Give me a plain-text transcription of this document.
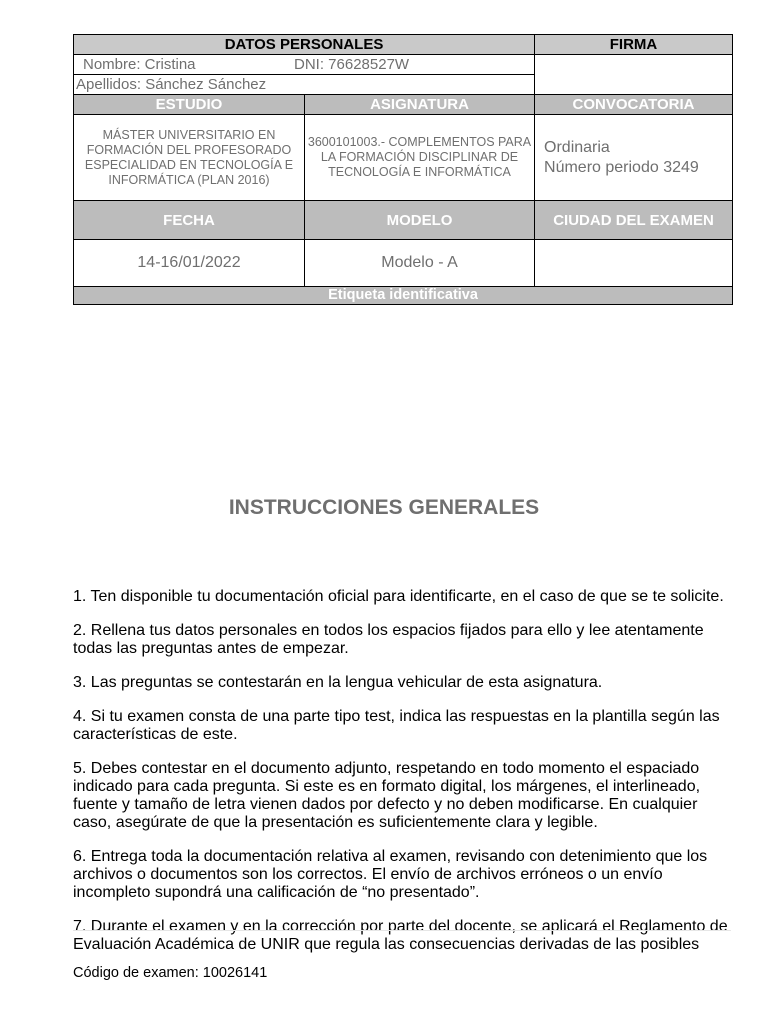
DATOS PERSONALES		FIRMA
Nombre: Cristina DNI: 76628527W		
Apellidos: Sánchez Sánchez		
ESTUDIO	ASIGNATURA	CONVOCATORIA
MÁSTER UNIVERSITARIO EN FORMACIÓN DEL PROFESORADO ESPECIALIDAD EN TECNOLOGÍA E INFORMÁTICA (PLAN 2016)	3600101003.- COMPLEMENTOS PARA LA FORMACIÓN DISCIPLINAR DE TECNOLOGÍA E INFORMÁTICA	Ordinaria
Número periodo 3249

FECHA	MODELO	CIUDAD DEL EXAMEN
14-16/01/2022	Modelo - A	
Etiqueta identificativa		
INSTRUCCIONES GENERALES

1. Ten disponible tu documentación oficial para identificarte, en el caso de que se te solicite.

2. Rellena tus datos personales en todos los espacios fijados para ello y lee atentamente todas las preguntas antes de empezar.

3. Las preguntas se contestarán en la lengua vehicular de esta asignatura.

4. Si tu examen consta de una parte tipo test, indica las respuestas en la plantilla según las características de este.

5. Debes contestar en el documento adjunto, respetando en todo momento el espaciado indicado para cada pregunta. Si este es en formato digital, los márgenes, el interlineado, fuente y tamaño de letra vienen dados por defecto y no deben modificarse. En cualquier caso, asegúrate de que la presentación es suficientemente clara y legible.

6. Entrega toda la documentación relativa al examen, revisando con detenimiento que los archivos o documentos son los correctos. El envío de archivos erróneos o un envío incompleto supondrá una calificación de “no presentado”.

7. Durante el examen y en la corrección por parte del docente, se aplicará el Reglamento de Evaluación Académica de UNIR que regula las consecuencias derivadas de las posibles

Código de examen: 10026141
